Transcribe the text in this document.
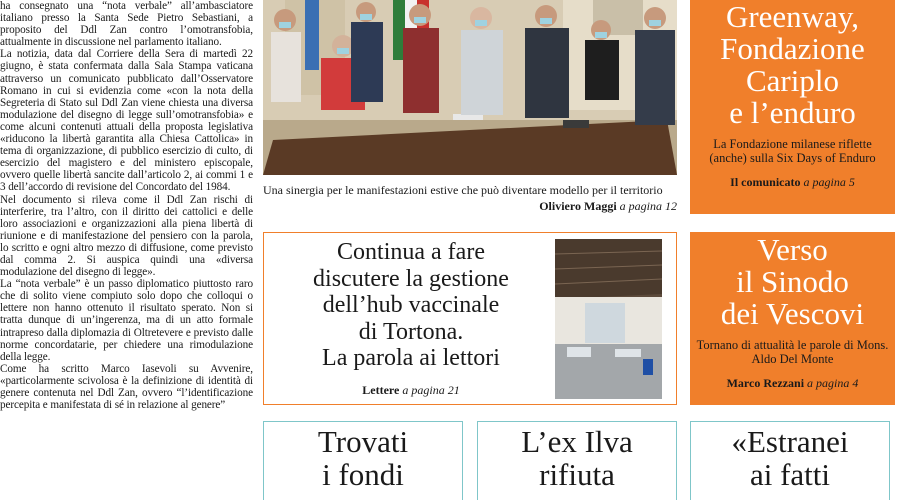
ha consegnato una “nota verbale” all’ambasciatore italiano presso la Santa Sede Pietro Sebastiani, a proposito del Ddl Zan contro l’omotransfobia, attualmente in discussione nel parlamento italiano.

La notizia, data dal Corriere della Sera di martedì 22 giugno, è stata confermata dalla Sala Stampa vaticana attraverso un comunicato pubblicato dall’Osservatore Romano in cui si evidenzia come «con la nota della Segreteria di Stato sul Ddl Zan viene chiesta una diversa modulazione del disegno di legge sull’omotransfobia» e come alcuni contenuti attuali della proposta legislativa «riducono la libertà garantita alla Chiesa Cattolica» in tema di organizzazione, di pubblico esercizio di culto, di esercizio del magistero e del ministero episcopale, ovvero quelle libertà sancite dall’articolo 2, ai commi 1 e 3 dell’accordo di revisione del Concordato del 1984.

Nel documento si rileva come il Ddl Zan rischi di interferire, tra l’altro, con il diritto dei cattolici e delle loro associazioni e organizzazioni alla piena libertà di riunione e di manifestazione del pensiero con la parola, lo scritto e ogni altro mezzo di diffusione, come previsto dal comma 2. Si auspica quindi una «diversa modulazione del disegno di legge».

La “nota verbale” è un passo diplomatico piuttosto raro che di solito viene compiuto solo dopo che colloqui o lettere non hanno ottenuto il risultato sperato. Non si tratta dunque di un’ingerenza, ma di un atto formale intrapreso dalla diplomazia di Oltretevere e previsto dalle norme concordatarie, per chiedere una rimodulazione della legge.

Come ha scritto Marco Iasevoli su Avvenire, «particolarmente scivolosa è la definizione di identità di genere contenuta nel Ddl Zan, ovvero “l’identificazione percepita e manifestata di sé in relazione al genere”

Una sinergia per le manifestazioni estive che può diventare modello per il territorio
Oliviero Maggi a pagina 12
Greenway,
Fondazione
Cariplo
e l’enduro
La Fondazione milanese riflette (anche) sulla Six Days of Enduro
Il comunicato a pagina 5
Continua a fare
discutere la gestione
dell’hub vaccinale
di Tortona.
La parola ai lettori
Lettere a pagina 21
Verso
il Sinodo
dei Vescovi
Tornano di attualità le parole di Mons. Aldo Del Monte
Marco Rezzani a pagina 4
Trovati
i fondi
L’ex Ilva
rifiuta
«Estranei
ai fatti
